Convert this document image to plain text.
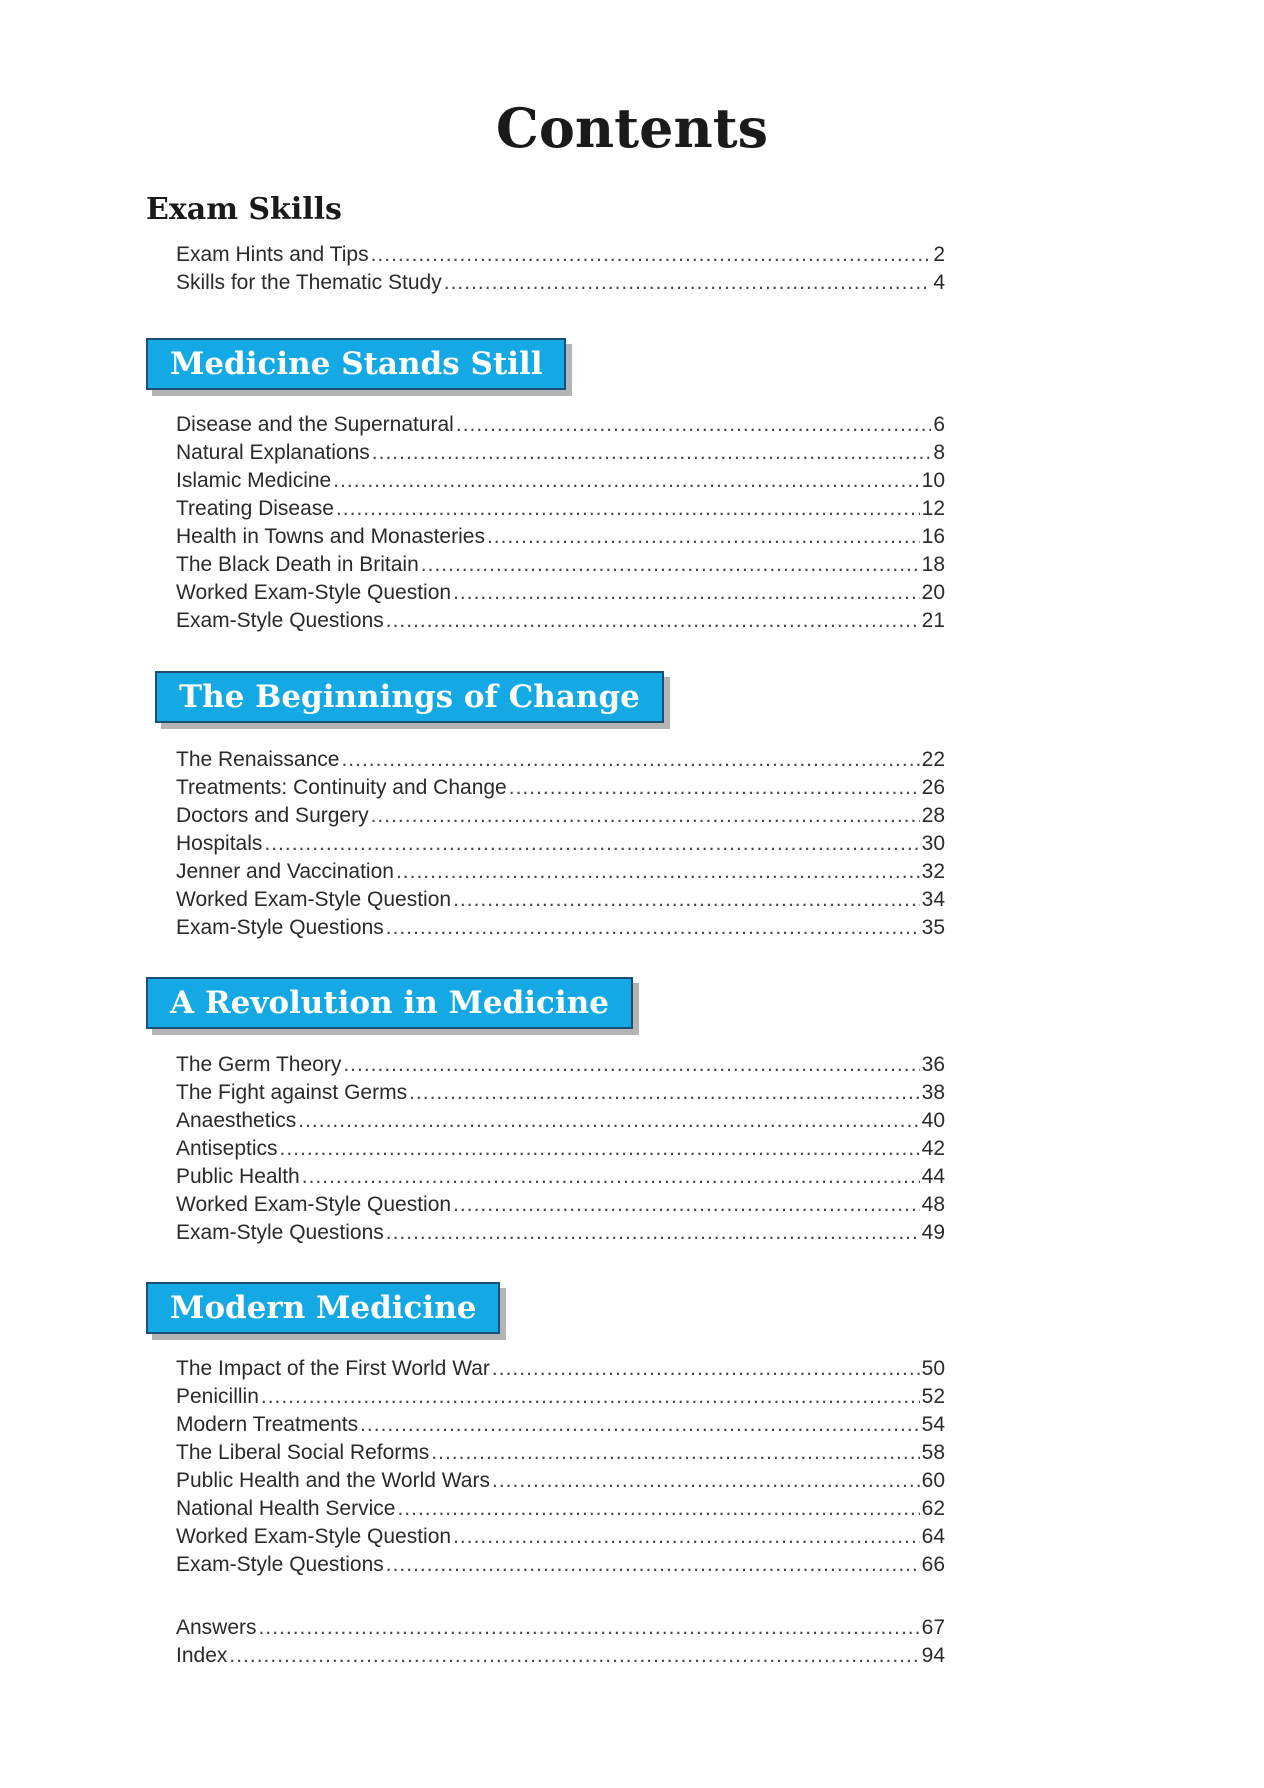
Contents
Exam Skills
Exam Hints and Tips .....	2
Skills for the Thematic Study .....	4
Medicine Stands Still
Disease and the Supernatural .....	6
Natural Explanations .....	8
Islamic Medicine .....	10
Treating Disease .....	12
Health in Towns and Monasteries .....	16
The Black Death in Britain .....	18
Worked Exam-Style Question .....	20
Exam-Style Questions .....	21
The Beginnings of Change
The Renaissance .....	22
Treatments: Continuity and Change .....	26
Doctors and Surgery .....	28
Hospitals .....	30
Jenner and Vaccination .....	32
Worked Exam-Style Question .....	34
Exam-Style Questions .....	35
A Revolution in Medicine
The Germ Theory .....	36
The Fight against Germs .....	38
Anaesthetics .....	40
Antiseptics .....	42
Public Health .....	44
Worked Exam-Style Question .....	48
Exam-Style Questions .....	49
Modern Medicine
The Impact of the First World War .....	50
Penicillin .....	52
Modern Treatments .....	54
The Liberal Social Reforms .....	58
Public Health and the World Wars .....	60
National Health Service .....	62
Worked Exam-Style Question .....	64
Exam-Style Questions .....	66
Answers .....	67
Index .....	94
